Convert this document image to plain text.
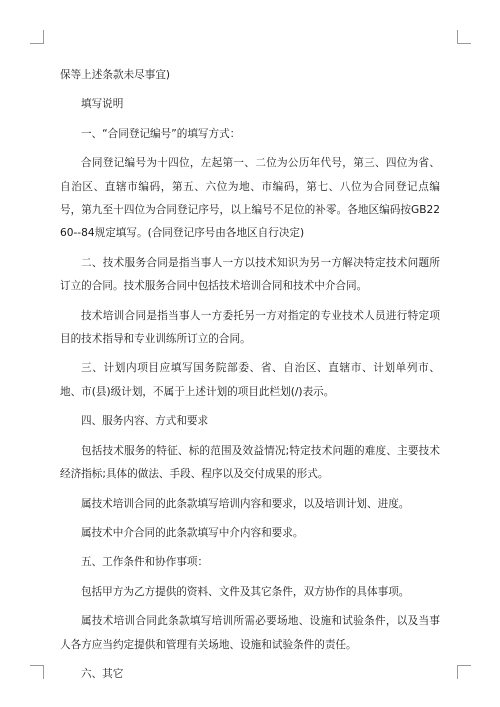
保等上述条款未尽事宜)

填写说明

一、“合同登记编号”的填写方式：

合同登记编号为十四位，左起第一、二位为公历年代号，第三、四位为省、自治区、直辖市编码，第五、六位为地、市编码，第七、八位为合同登记点编号，第九至十四位为合同登记序号，以上编号不足位的补零。各地区编码按GB2260--84规定填写。(合同登记序号由各地区自行决定)

二、技术服务合同是指当事人一方以技术知识为另一方解决特定技术问题所订立的合同。技术服务合同中包括技术培训合同和技术中介合同。

技术培训合同是指当事人一方委托另一方对指定的专业技术人员进行特定项目的技术指导和专业训练所订立的合同。

三、计划内项目应填写国务院部委、省、自治区、直辖市、计划单列市、地、市(县)级计划，不属于上述计划的项目此栏划(/)表示。

四、服务内容、方式和要求

包括技术服务的特征、标的范围及效益情况;特定技术问题的难度、主要技术经济指标;具体的做法、手段、程序以及交付成果的形式。

属技术培训合同的此条款填写培训内容和要求，以及培训计划、进度。

属技术中介合同的此条款填写中介内容和要求。

五、工作条件和协作事项：

包括甲方为乙方提供的资料、文件及其它条件，双方协作的具体事项。

属技术培训合同此条款填写培训所需必要场地、设施和试验条件，以及当事人各方应当约定提供和管理有关场地、设施和试验条件的责任。

六、其它
